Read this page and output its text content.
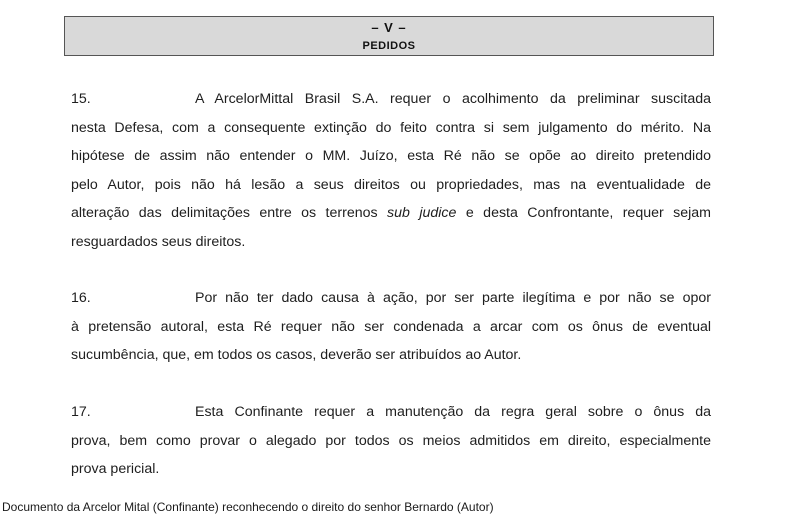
– V –
PEDIDOS
15.	A ArcelorMittal Brasil S.A. requer o acolhimento da preliminar suscitada
nesta Defesa, com a consequente extinção do feito contra si sem julgamento do mérito. Na
hipótese de assim não entender o MM. Juízo, esta Ré não se opõe ao direito pretendido
pelo Autor, pois não há lesão a seus direitos ou propriedades, mas na eventualidade de
alteração das delimitações entre os terrenos sub judice e desta Confrontante, requer sejam
resguardados seus direitos.
16.	Por não ter dado causa à ação, por ser parte ilegítima e por não se opor
à pretensão autoral, esta Ré requer não ser condenada a arcar com os ônus de eventual
sucumbência, que, em todos os casos, deverão ser atribuídos ao Autor.
17.	Esta Confinante requer a manutenção da regra geral sobre o ônus da
prova, bem como provar o alegado por todos os meios admitidos em direito, especialmente
prova pericial.
Documento da Arcelor Mital (Confinante) reconhecendo o direito do senhor Bernardo (Autor)
